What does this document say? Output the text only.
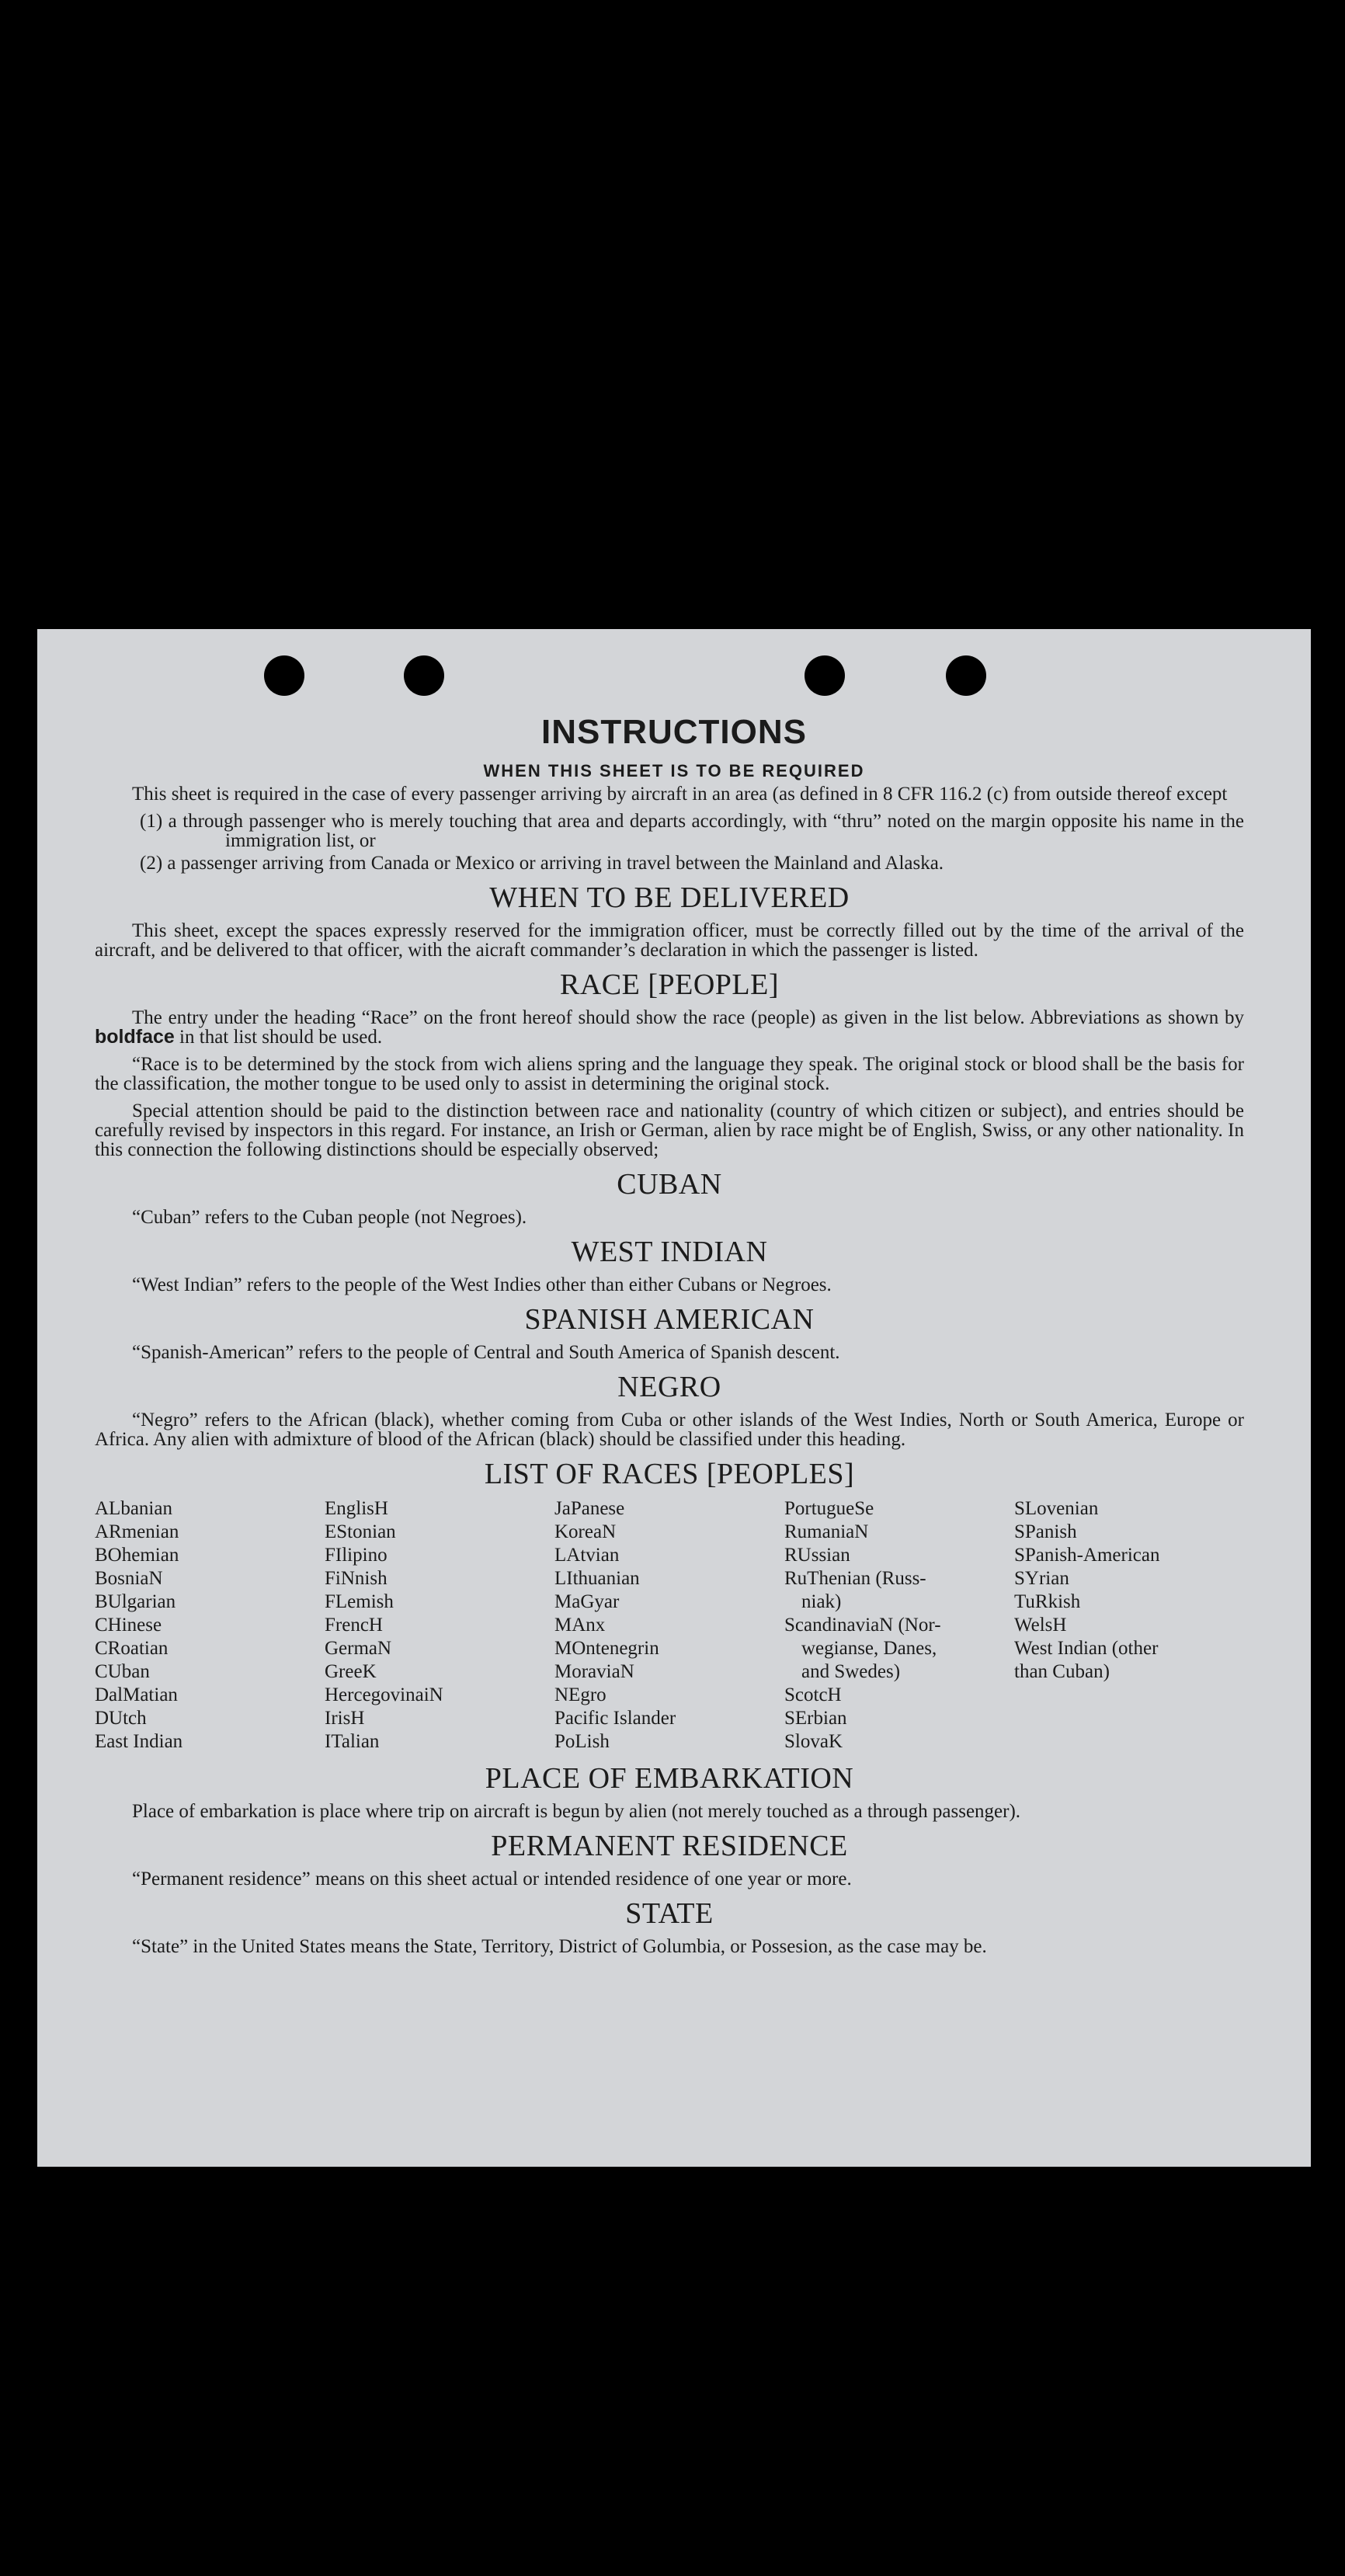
INSTRUCTIONS
WHEN THIS SHEET IS TO BE REQUIRED

This sheet is required in the case of every passenger arriving by aircraft in an area (as defined in 8 CFR 116.2 (c) from outside thereof except

(1) a through passenger who is merely touching that area and departs accordingly, with “thru” noted on the margin opposite his name in the immigration list, or
(2) a passenger arriving from Canada or Mexico or arriving in travel between the Mainland and Alaska.
WHEN TO BE DELIVERED

This sheet, except the spaces expressly reserved for the immigration officer, must be correctly filled out by the time of the arrival of the aircraft, and be delivered to that officer, with the aicraft commander’s declaration in which the passenger is listed.

RACE [PEOPLE]

The entry under the heading “Race” on the front hereof should show the race (people) as given in the list below. Abbreviations as shown by boldface in that list should be used.

“Race is to be determined by the stock from wich aliens spring and the language they speak. The original stock or blood shall be the basis for the classification, the mother tongue to be used only to assist in determining the original stock.

Special attention should be paid to the distinction between race and nationality (country of which citizen or subject), and entries should be carefully revised by inspectors in this regard. For instance, an Irish or German, alien by race might be of English, Swiss, or any other nationality. In this connection the following distinctions should be especially observed;

CUBAN

“Cuban” refers to the Cuban people (not Negroes).

WEST INDIAN

“West Indian” refers to the people of the West Indies other than either Cubans or Negroes.

SPANISH AMERICAN

“Spanish-American” refers to the people of Central and South America of Spanish descent.

NEGRO

“Negro” refers to the African (black), whether coming from Cuba or other islands of the West Indies, North or South America, Europe or Africa. Any alien with admixture of blood of the African (black) should be classified under this heading.

LIST OF RACES [PEOPLES]
ALbanian
ARmenian
BOhemian
BosniaN
BUlgarian
CHinese
CRoatian
CUban
DalMatian
DUtch
East Indian
EnglisH
EStonian
FIlipino
FiNnish
FLemish
FrencH
GermaN
GreeK
HercegovinaiN
IrisH
ITalian
JaPanese
KoreaN
LAtvian
LIthuanian
MaGyar
MAnx
MOntenegrin
MoraviaN
NEgro
Pacific Islander
PoLish
PortugueSe
RumaniaN
RUssian
RuThenian (Russ-
niak)
ScandinaviaN (Nor-
wegianse, Danes,
and Swedes)
ScotcH
SErbian
SlovaK
SLovenian
SPanish
SPanish-American
SYrian
TuRkish
WelsH
West Indian (other
than Cuban)
PLACE OF EMBARKATION

Place of embarkation is place where trip on aircraft is begun by alien (not merely touched as a through passenger).

PERMANENT RESIDENCE

“Permanent residence” means on this sheet actual or intended residence of one year or more.

STATE

“State” in the United States means the State, Territory, District of Golumbia, or Possesion, as the case may be.
